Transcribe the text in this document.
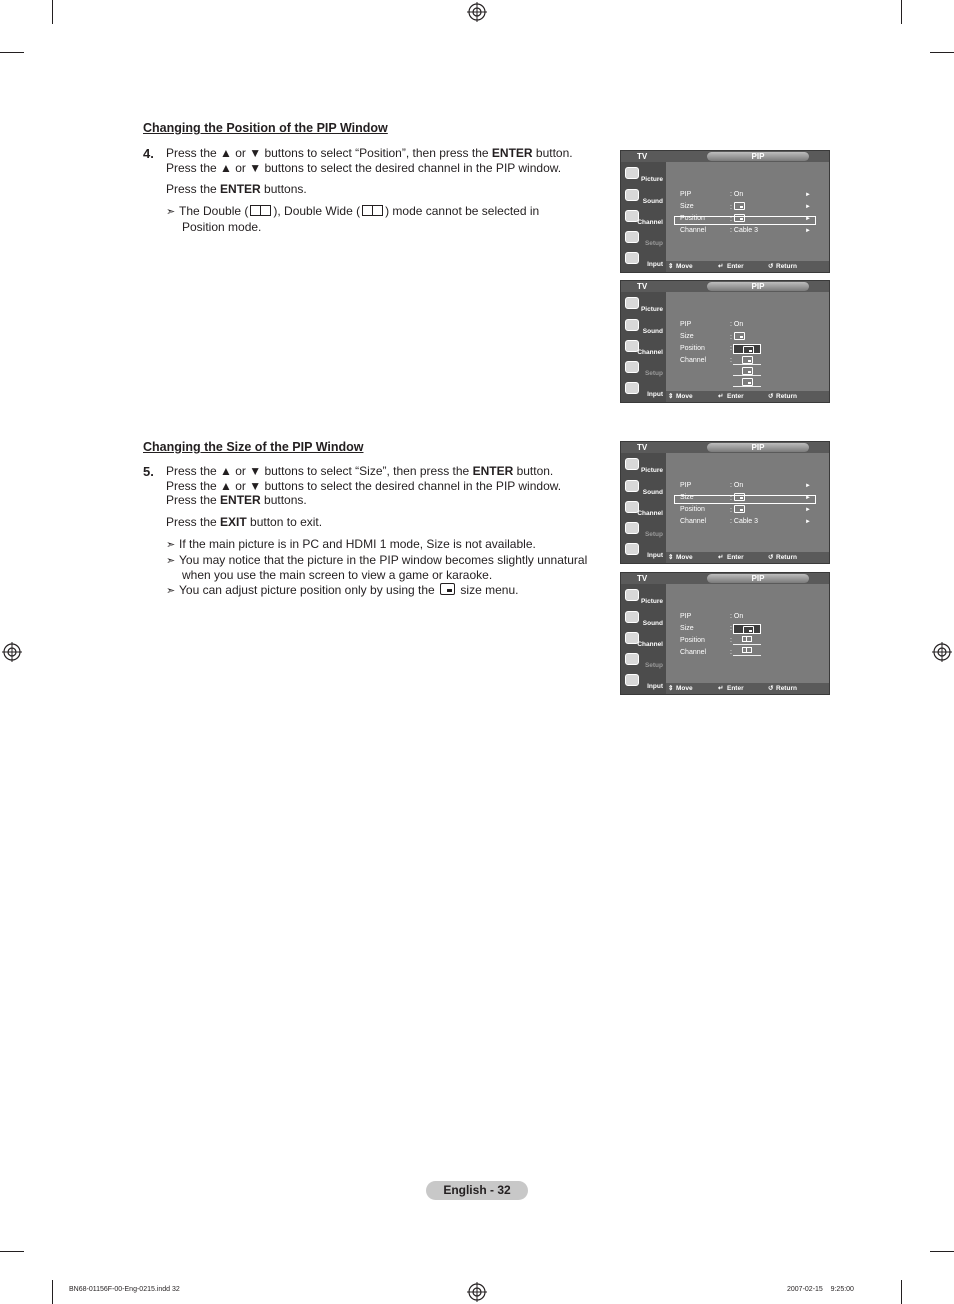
Changing the Position of the PIP Window
4. Press the ▲ or ▼ buttons to select “Position”, then press the ENTER button.
Press the ▲ or ▼ buttons to select the desired channel in the PIP window.
Press the ENTER buttons.
➣ The Double ( ), Double Wide ( ) mode cannot be selected in
Position mode.
Changing the Size of the PIP Window
5. Press the ▲ or ▼ buttons to select “Size”, then press the ENTER button.
Press the ▲ or ▼ buttons to select the desired channel in the PIP window.
Press the ENTER buttons.
Press the EXIT button to exit.
➣ If the main picture is in PC and HDMI 1 mode, Size is not available.
➣ You may notice that the picture in the PIP window becomes slightly unnatural
when you use the main screen to view a game or karaoke.
➣ You can adjust picture position only by using the size menu.
TV	PIP
Picture
Sound
Channel
Setup
Input
PIP	: On	►
Size	:	►
Position	:	►
Channel	: Cable 3	►
⇕ Move	↵ Enter	↺ Return
TV	PIP
Picture
Sound
Channel
Setup
Input
PIP	: On
Size	:
Position	:
Channel	:
⇕ Move	↵ Enter	↺ Return
TV	PIP
Picture
Sound
Channel
Setup
Input
PIP	: On	►
Size	:	►
Position	:	►
Channel	: Cable 3	►
⇕ Move	↵ Enter	↺ Return
TV	PIP
Picture
Sound
Channel
Setup
Input
PIP	: On
Size	:
Position	:
Channel	:
⇕ Move	↵ Enter	↺ Return
English - 32
BN68-01156F-00-Eng-0215.indd 32	2007-02-15    9:25:00
